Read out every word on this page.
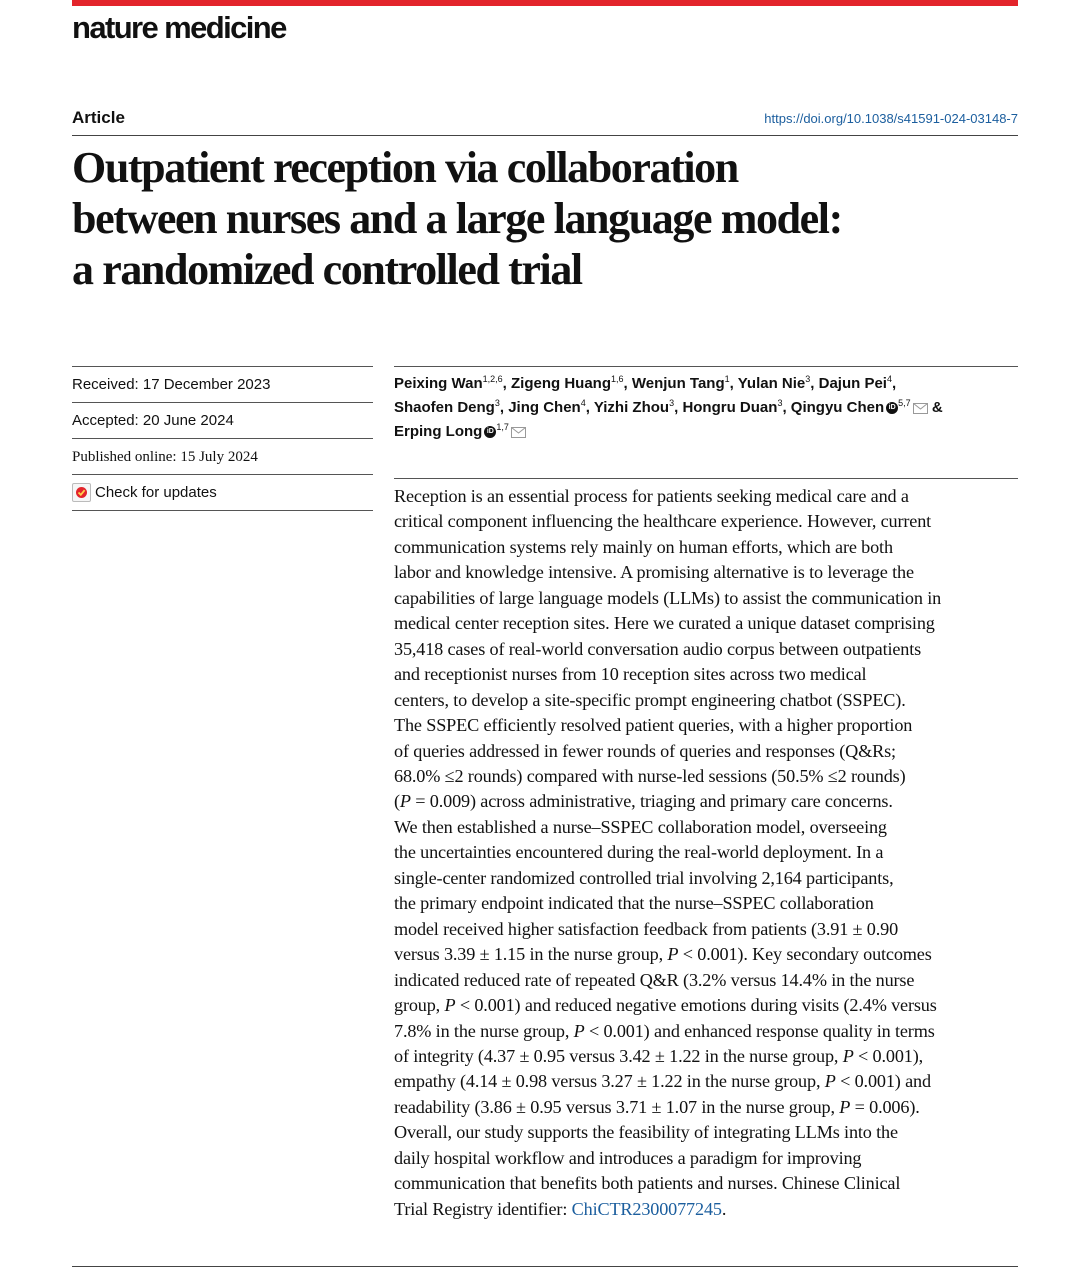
nature medicine
Article	https://doi.org/10.1038/s41591-024-03148-7
Outpatient reception via collaboration
between nurses and a large language model:
a randomized controlled trial
Received: 17 December 2023
Accepted: 20 June 2024
Published online: 15 July 2024
Check for updates
Peixing Wan$^{1,2,6}$, Zigeng Huang$^{1,6}$, Wenjun Tang$^1$, Yulan Nie$^3$, Dajun Pei$^4$,
Shaofen Deng$^3$, Jing Chen$^4$, Yizhi Zhou$^3$, Hongru Duan$^3$, Qingyu Chen iD $^{5,7}$ &
Erping Long iD $^{1,7}$

Reception is an essential process for patients seeking medical care and a
critical component influencing the healthcare experience. However, current
communication systems rely mainly on human efforts, which are both
labor and knowledge intensive. A promising alternative is to leverage the
capabilities of large language models (LLMs) to assist the communication in
medical center reception sites. Here we curated a unique dataset comprising
35,418 cases of real-world conversation audio corpus between outpatients
and receptionist nurses from 10 reception sites across two medical
centers, to develop a site-specific prompt engineering chatbot (SSPEC).
The SSPEC efficiently resolved patient queries, with a higher proportion
of queries addressed in fewer rounds of queries and responses (Q&Rs;
68.0% ≤2 rounds) compared with nurse-led sessions (50.5% ≤2 rounds)
(P = 0.009) across administrative, triaging and primary care concerns.
We then established a nurse–SSPEC collaboration model, overseeing
the uncertainties encountered during the real-world deployment. In a
single-center randomized controlled trial involving 2,164 participants,
the primary endpoint indicated that the nurse–SSPEC collaboration
model received higher satisfaction feedback from patients (3.91 ± 0.90
versus 3.39 ± 1.15 in the nurse group, P < 0.001). Key secondary outcomes
indicated reduced rate of repeated Q&R (3.2% versus 14.4% in the nurse
group, P < 0.001) and reduced negative emotions during visits (2.4% versus
7.8% in the nurse group, P < 0.001) and enhanced response quality in terms
of integrity (4.37 ± 0.95 versus 3.42 ± 1.22 in the nurse group, P < 0.001),
empathy (4.14 ± 0.98 versus 3.27 ± 1.22 in the nurse group, P < 0.001) and
readability (3.86 ± 0.95 versus 3.71 ± 1.07 in the nurse group, P = 0.006).
Overall, our study supports the feasibility of integrating LLMs into the
daily hospital workflow and introduces a paradigm for improving
communication that benefits both patients and nurses. Chinese Clinical
Trial Registry identifier: ChiCTR2300077245.
